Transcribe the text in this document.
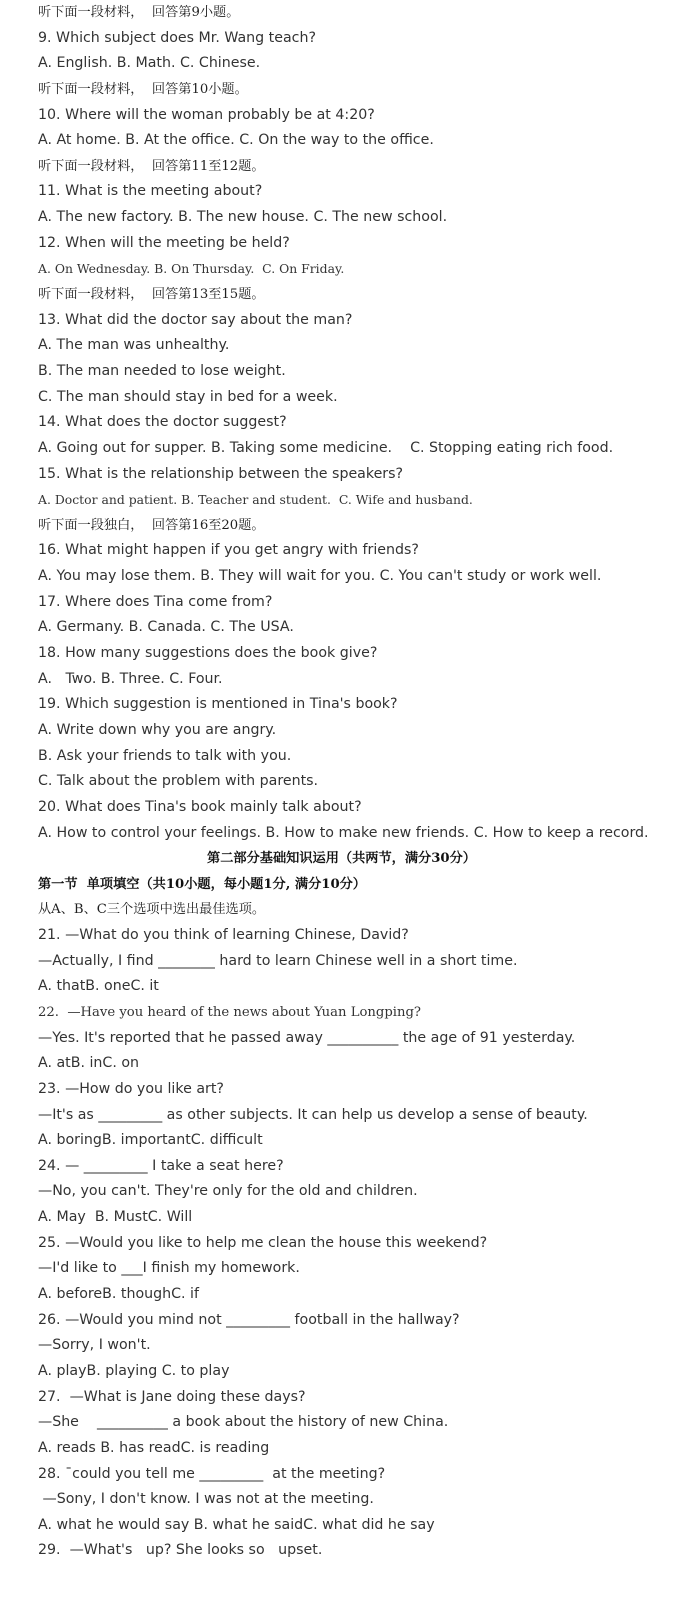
听下面一段材料，  回答第9小题。
9. Which subject does Mr. Wang teach?
A. English. B. Math. C. Chinese.
听下面一段材料，  回答第10小题。
10. Where will the woman probably be at 4:20?
A. At home. B. At the office. C. On the way to the office.
听下面一段材料，  回答第11至12题。
11. What is the meeting about?
A. The new factory. B. The new house. C. The new school.
12. When will the meeting be held?
A. On Wednesday. B. On Thursday.  C. On Friday.
听下面一段材料，  回答第13至15题。
13. What did the doctor say about the man?
A. The man was unhealthy.
B. The man needed to lose weight.
C. The man should stay in bed for a week.
14. What does the doctor suggest?
A. Going out for supper. B. Taking some medicine.    C. Stopping eating rich food.
15. What is the relationship between the speakers?
A. Doctor and patient. B. Teacher and student.  C. Wife and husband.
听下面一段独白，  回答第16至20题。
16. What might happen if you get angry with friends?
A. You may lose them. B. They will wait for you. C. You can't study or work well.
17. Where does Tina come from?
A. Germany. B. Canada. C. The USA.
18. How many suggestions does the book give?
A.   Two. B. Three. C. Four.
19. Which suggestion is mentioned in Tina's book?
A. Write down why you are angry.
B. Ask your friends to talk with you.
C. Talk about the problem with parents.
20. What does Tina's book mainly talk about?
A. How to control your feelings. B. How to make new friends. C. How to keep a record.
第二部分基础知识运用（共两节，满分30分）
第一节  单项填空（共10小题，每小题1分, 满分10分）
从A、B、C三个选项中选出最佳选项。
21. —What do you think of learning Chinese, David?
—Actually, I find ________ hard to learn Chinese well in a short time.
A. thatB. oneC. it
22.  —Have you heard of the news about Yuan Longping?
—Yes. It's reported that he passed away __________ the age of 91 yesterday.
A. atB. inC. on
23. —How do you like art?
—It's as _________ as other subjects. It can help us develop a sense of beauty.
A. boringB. importantC. difficult
24. — _________ I take a seat here?
—No, you can't. They're only for the old and children.
A. May  B. MustC. Will
25. —Would you like to help me clean the house this weekend?
—I'd like to ___I finish my homework.
A. beforeB. thoughC. if
26. —Would you mind not _________ football in the hallway?
—Sorry, I won't.
A. playB. playing C. to play
27.  —What is Jane doing these days?
—She    __________ a book about the history of new China.
A. reads B. has readC. is reading
28. ¯could you tell me _________  at the meeting?
—Sony, I don't know. I was not at the meeting.
A. what he would say B. what he saidC. what did he say
29.  —What's   up? She looks so   upset.
